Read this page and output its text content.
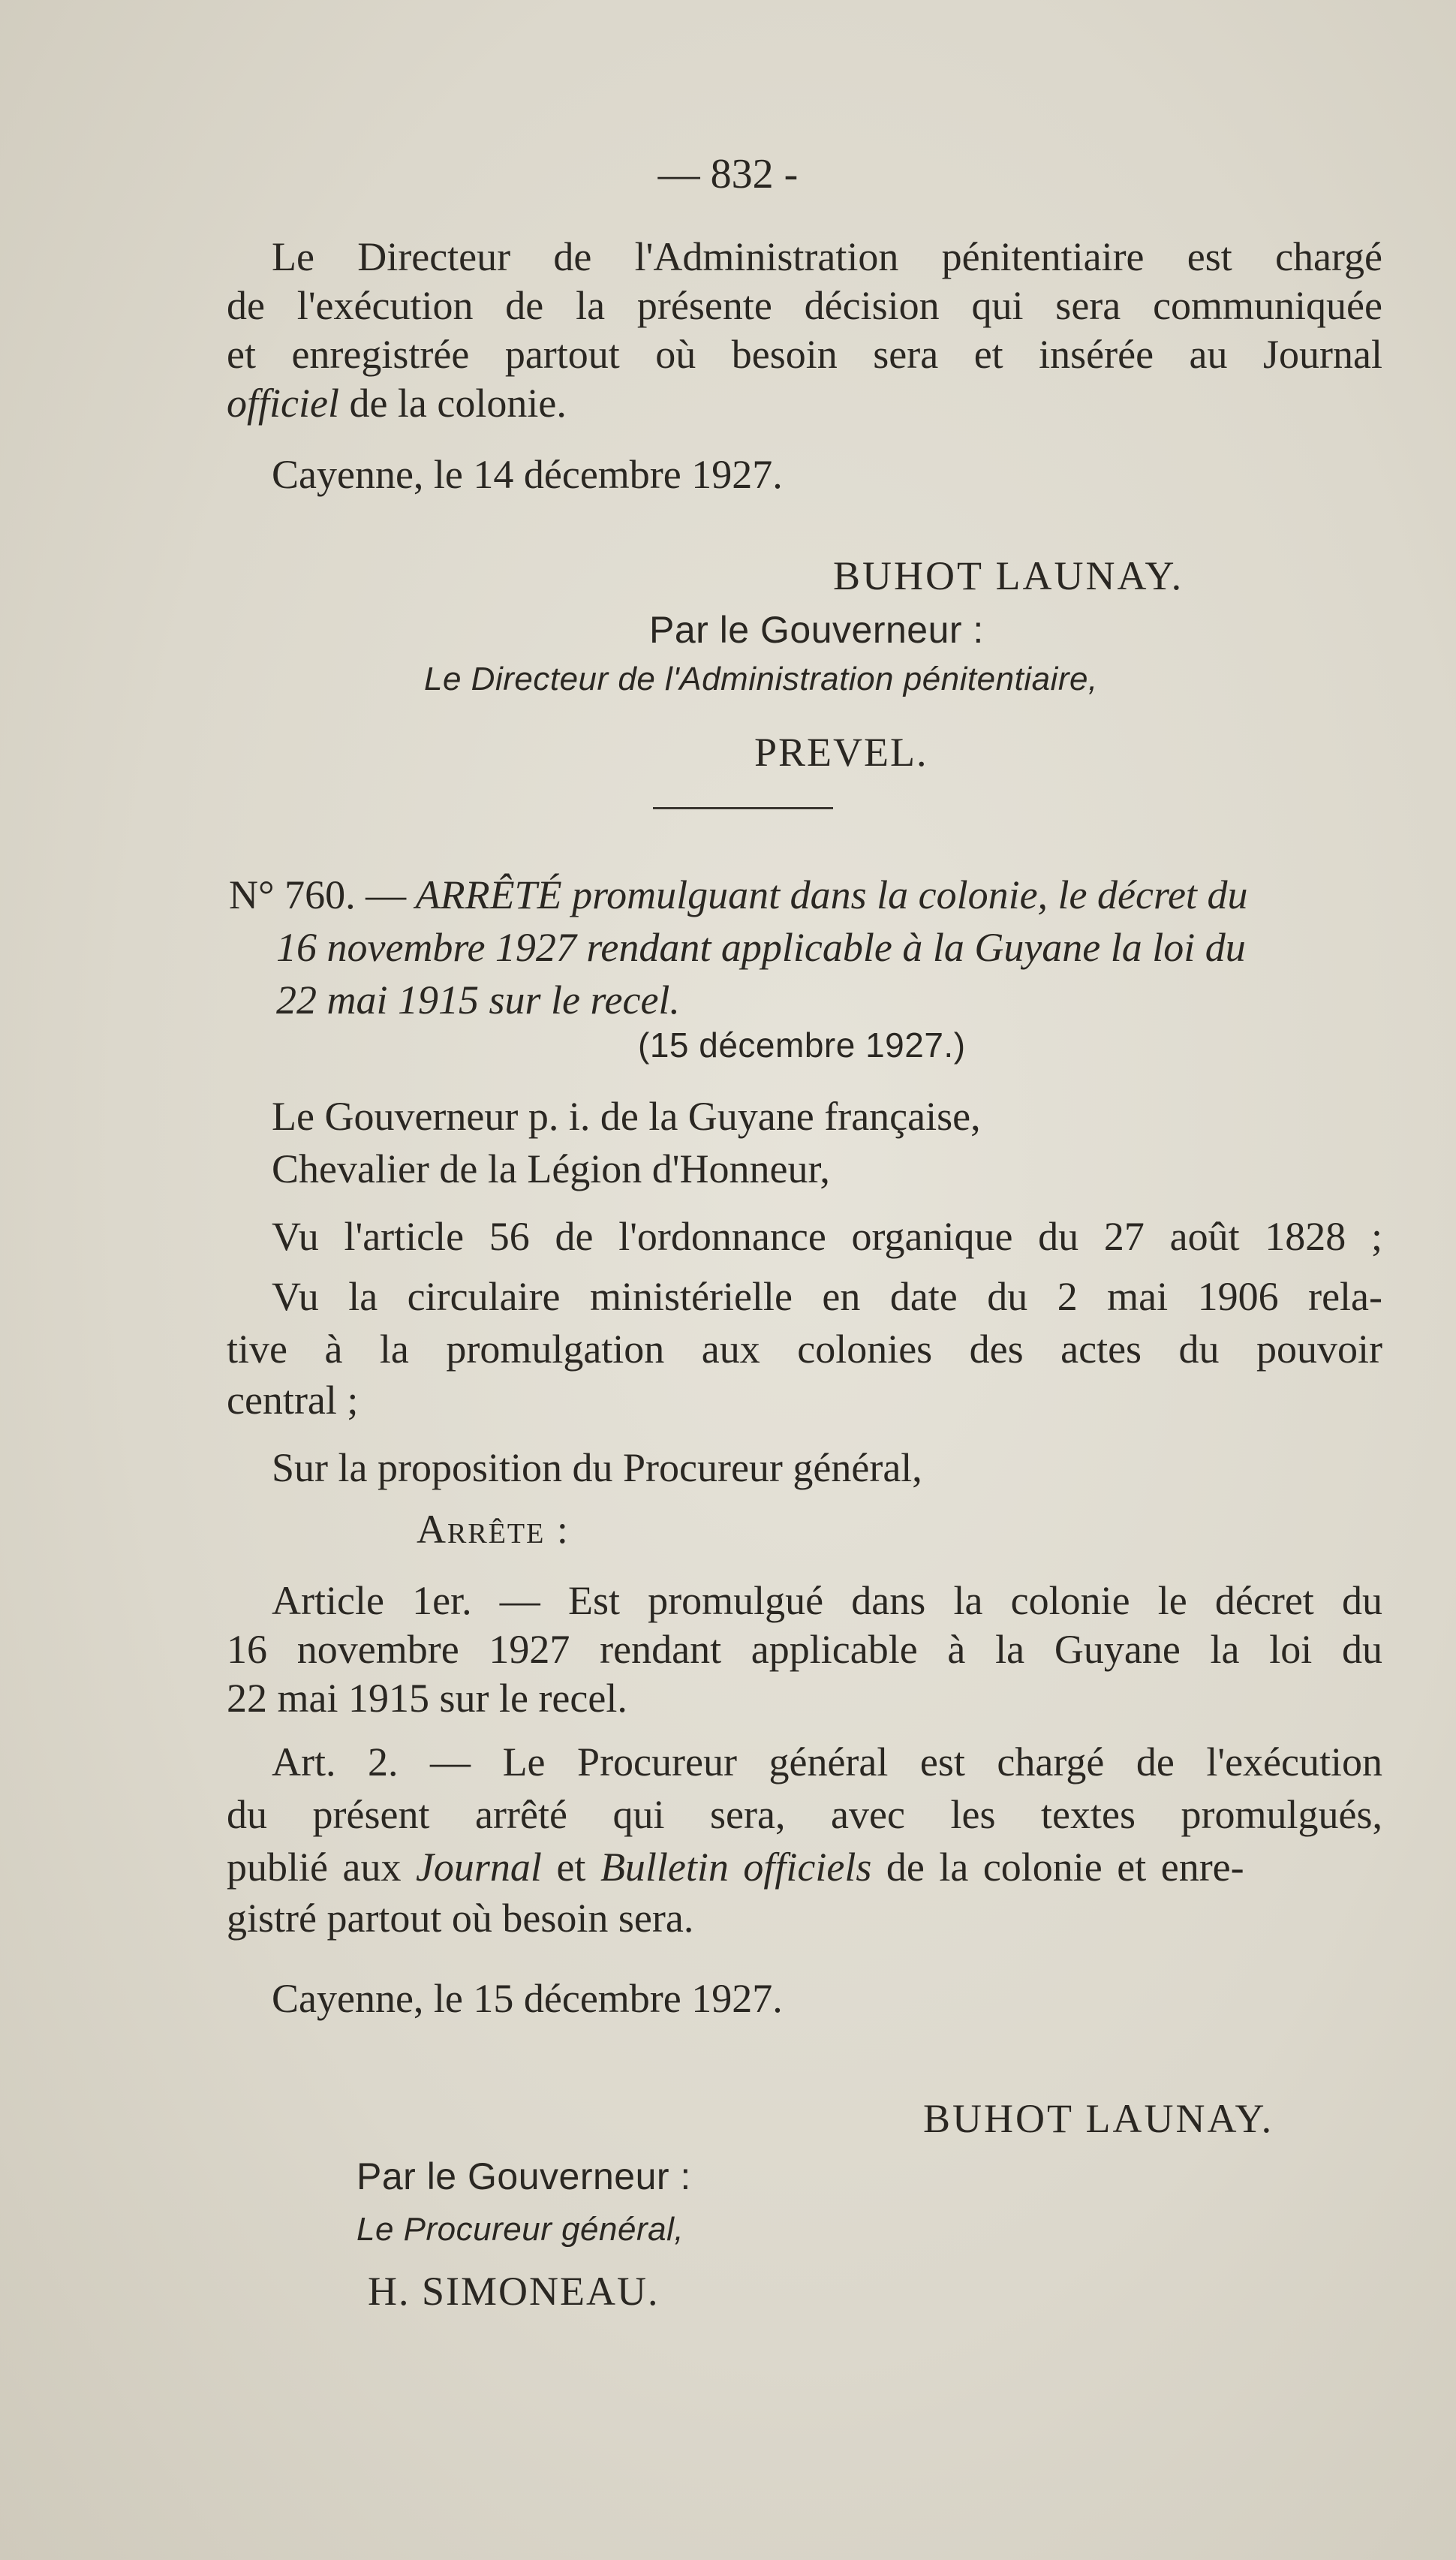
— 832 -
Le Directeur de l'Administration pénitentiaire est chargé
de l'exécution de la présente décision qui sera communiquée
et enregistrée partout où besoin sera et insérée au Journal
officiel de la colonie.
Cayenne, le 14 décembre 1927.
BUHOT LAUNAY.
Par le Gouverneur :
Le Directeur de l'Administration pénitentiaire,
PREVEL.
N° 760. — ARRÊTÉ promulguant dans la colonie, le décret du
16 novembre 1927 rendant applicable à la Guyane la loi du
22 mai 1915 sur le recel.
(15 décembre 1927.)
Le Gouverneur p. i. de la Guyane française,
Chevalier de la Légion d'Honneur,
Vu l'article 56 de l'ordonnance organique du 27 août 1828 ;
Vu la circulaire ministérielle en date du 2 mai 1906 rela-
tive à la promulgation aux colonies des actes du pouvoir
central ;
Sur la proposition du Procureur général,
Arrête :
Article 1er. — Est promulgué dans la colonie le décret du
16 novembre 1927 rendant applicable à la Guyane la loi du
22 mai 1915 sur le recel.
Art. 2. — Le Procureur général est chargé de l'exécution
du présent arrêté qui sera, avec les textes promulgués,
publié aux Journal et Bulletin officiels de la colonie et enre-
gistré partout où besoin sera.
Cayenne, le 15 décembre 1927.
BUHOT LAUNAY.
Par le Gouverneur :
Le Procureur général,
H. SIMONEAU.
